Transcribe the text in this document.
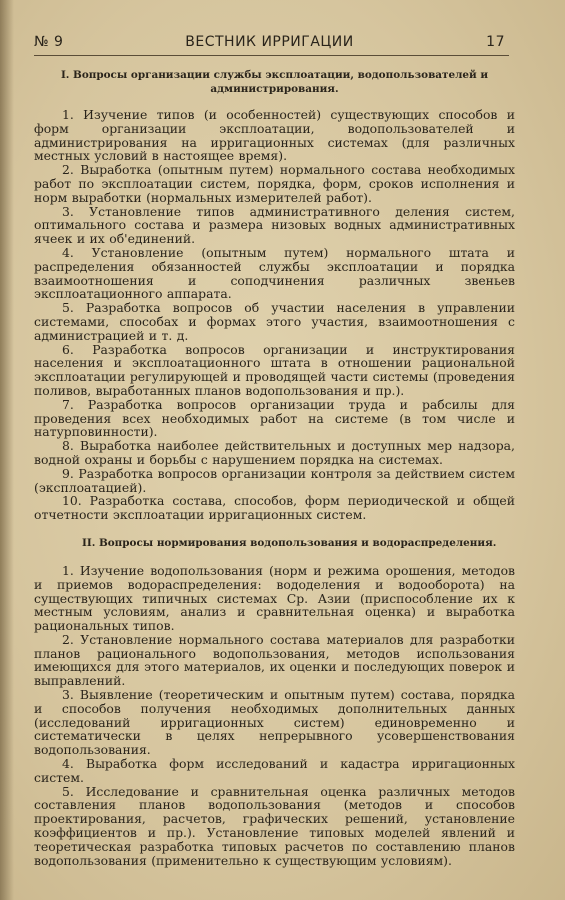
№ 9	ВЕСТНИК ИРРИГАЦИИ	17

I. Вопросы организации службы эксплоатации, водопользователей и администрирования.

1. Изучение типов (и особенностей) существующих способов и форм организации эксплоатации, водопользователей и администрирования на ирригационных системах (для различных местных условий в настоящее время).

2. Выработка (опытным путем) нормального состава необходимых работ по эксплоатации систем, порядка, форм, сроков исполнения и норм выработки (нормальных измерителей работ).

3. Установление типов административного деления систем, оптимального состава и размера низовых водных административных ячеек и их об'единений.

4. Установление (опытным путем) нормального штата и распределения обязанностей службы эксплоатации и порядка взаимоотношения и соподчинения различных звеньев эксплоатационного аппарата.

5. Разработка вопросов об участии населения в управлении системами, способах и формах этого участия, взаимоотношения с администрацией и т. д.

6. Разработка вопросов организации и инструктирования населения и эксплоатационного штата в отношении рациональной эксплоатации регулирующей и проводящей части системы (проведения поливов, выработанных планов водопользования и пр.).

7. Разработка вопросов организации труда и рабсилы для проведения всех необходимых работ на системе (в том числе и натурповинности).

8. Выработка наиболее действительных и доступных мер надзора, водной охраны и борьбы с нарушением порядка на системах.

9. Разработка вопросов организации контроля за действием систем (эксплоатацией).

10. Разработка состава, способов, форм периодической и общей отчетности эксплоатации ирригационных систем.

II. Вопросы нормирования водопользования и водораспределения.

1. Изучение водопользования (норм и режима орошения, методов и приемов водораспределения: вододеления и водооборота) на существующих типичных системах Ср. Азии (приспособление их к местным условиям, анализ и сравнительная оценка) и выработка рациональных типов.

2. Установление нормального состава материалов для разработки планов рационального водопользования, методов использования имеющихся для этого материалов, их оценки и последующих поверок и выправлений.

3. Выявление (теоретическим и опытным путем) состава, порядка и способов получения необходимых дополнительных данных (исследований ирригационных систем) единовременно и систематически в целях непрерывного усовершенствования водопользования.

4. Выработка форм исследований и кадастра ирригационных систем.

5. Исследование и сравнительная оценка различных методов составления планов водопользования (методов и способов проектирования, расчетов, графических решений, установление коэффициентов и пр.). Установление типовых моделей явлений и теоретическая разработка типовых расчетов по составлению планов водопользования (применительно к существующим условиям).
